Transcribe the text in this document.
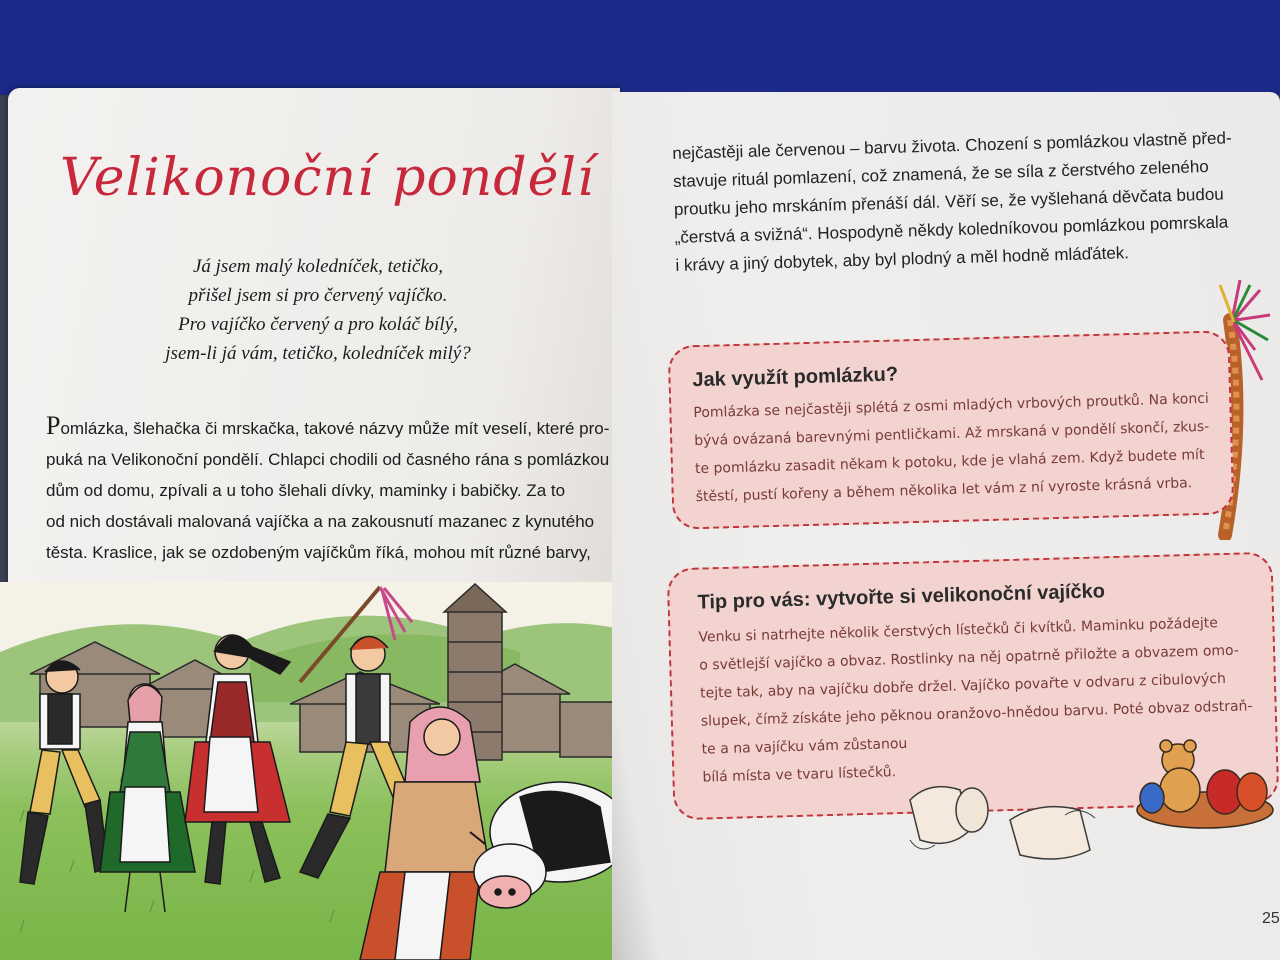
Velikonoční pondělí
Já jsem malý koledníček, tetičko,
přišel jsem si pro červený vajíčko.
Pro vajíčko červený a pro koláč bílý,
jsem-li já vám, tetičko, koledníček milý?
Pomlázka, šlehačka či mrskačka, takové názvy může mít veselí, které pro-
puká na Velikonoční pondělí. Chlapci chodili od časného rána s pomlázkou
dům od domu, zpívali a u toho šlehali dívky, maminky i babičky. Za to
od nich dostávali malovaná vajíčka a na zakousnutí mazanec z kynutého
těsta. Kraslice, jak se ozdobeným vajíčkům říká, mohou mít různé barvy,
nejčastěji ale červenou – barvu života. Chození s pomlázkou vlastně před-
stavuje rituál pomlazení, což znamená, že se síla z čerstvého zeleného
proutku jeho mrskáním přenáší dál. Věří se, že vyšlehaná děvčata budou
„čerstvá a svižná“. Hospodyně někdy koledníkovou pomlázkou pomrskala
i krávy a jiný dobytek, aby byl plodný a měl hodně mláďátek.
Jak využít pomlázku?
Pomlázka se nejčastěji splétá z osmi mladých vrbových proutků. Na konci
bývá ovázaná barevnými pentličkami. Až mrskaná v pondělí skončí, zkus-
te pomlázku zasadit někam k potoku, kde je vlahá zem. Když budete mít
štěstí, pustí kořeny a během několika let vám z ní vyroste krásná vrba.
Tip pro vás: vytvořte si velikonoční vajíčko
Venku si natrhejte několik čerstvých lístečků či kvítků. Maminku požádejte
o světlejší vajíčko a obvaz. Rostlinky na něj opatrně přiložte a obvazem omo-
tejte tak, aby na vajíčku dobře držel. Vajíčko povařte v odvaru z cibulových
slupek, čímž získáte jeho pěknou oranžovo-hnědou barvu. Poté obvaz odstraň-
te a na vajíčku vám zůstanou
bílá místa ve tvaru lístečků.
25
